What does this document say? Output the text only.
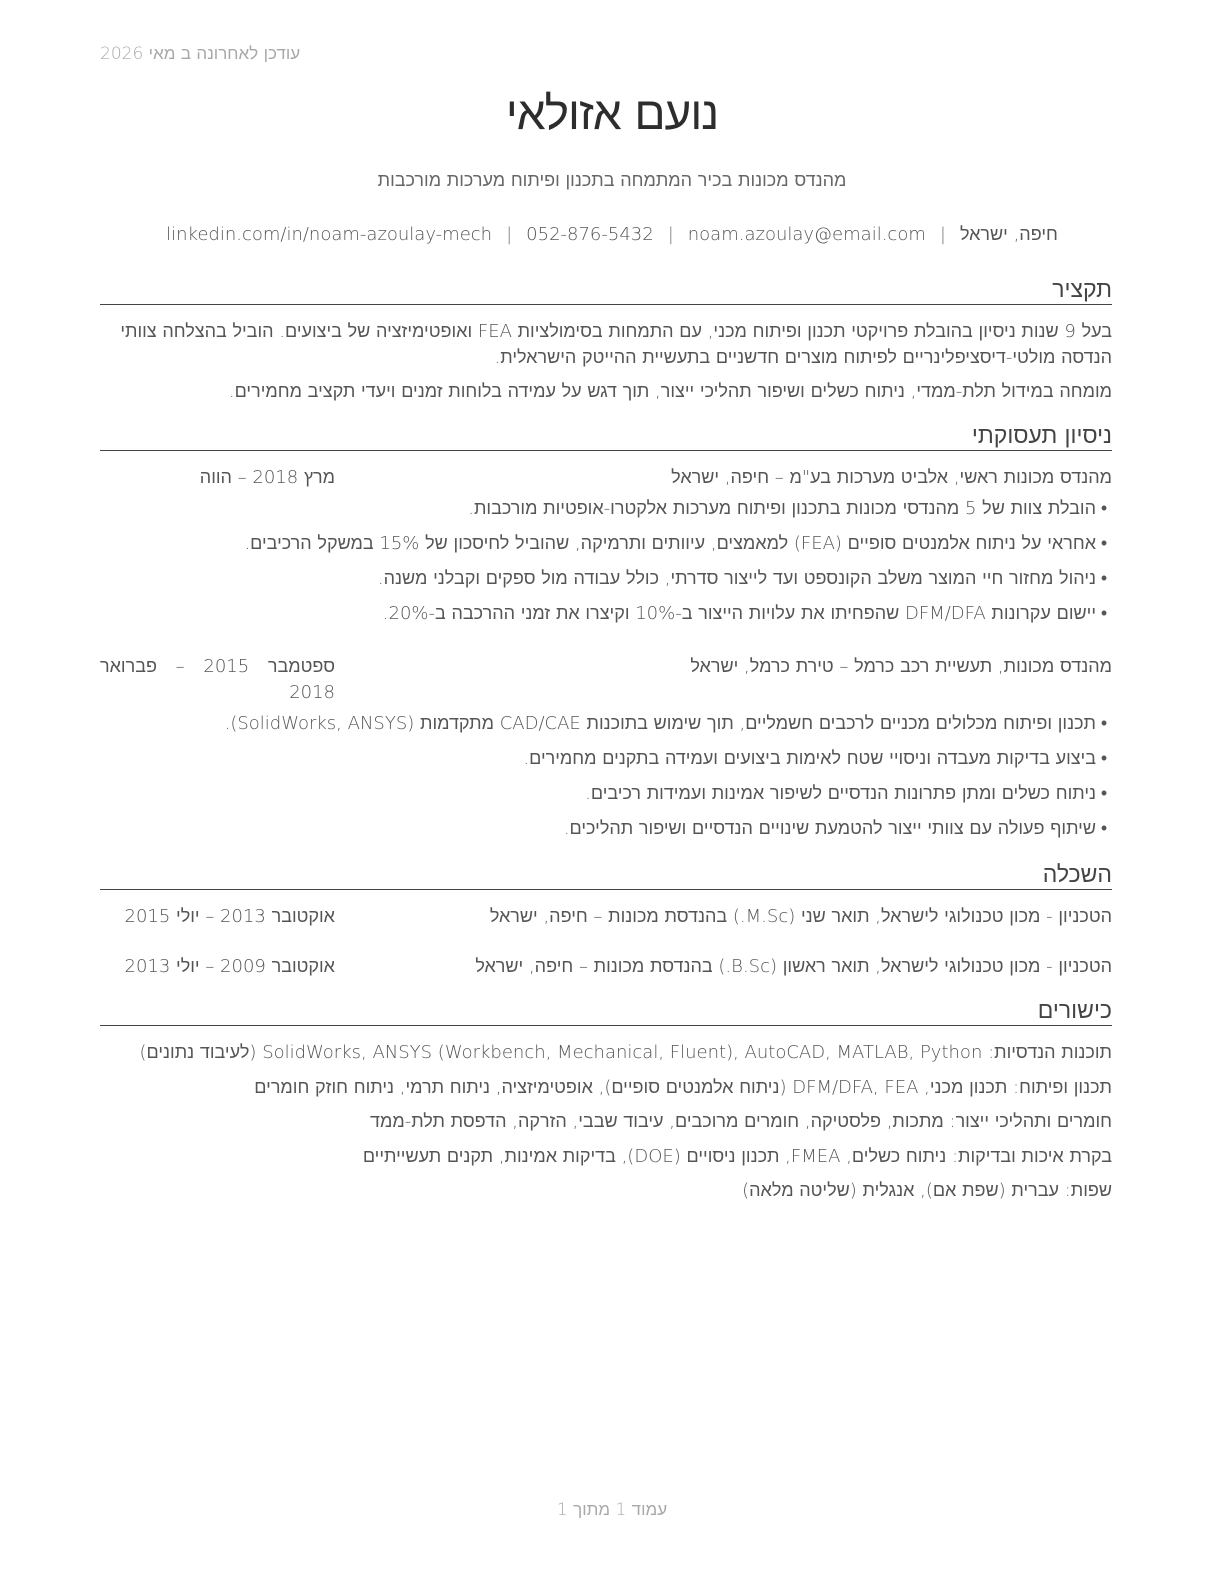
עודכן לאחרונה ב מאי 2026
נועם אזולאי
מהנדס מכונות בכיר המתמחה בתכנון ופיתוח מערכות מורכבות
linkedin.com/in/noam-azoulay-mech | 052-876-5432 | noam.azoulay@email.com | חיפה, ישראל
תקציר
בעל 9 שנות ניסיון בהובלת פרויקטי תכנון ופיתוח מכני, עם התמחות בסימולציות FEA ואופטימיזציה של ביצועים. הוביל בהצלחה צוותי הנדסה מולטי-דיסציפלינריים לפיתוח מוצרים חדשניים בתעשיית ההייטק הישראלית.
מומחה במידול תלת-ממדי, ניתוח כשלים ושיפור תהליכי ייצור, תוך דגש על עמידה בלוחות זמנים ויעדי תקציב מחמירים.
ניסיון תעסוקתי
מהנדס מכונות ראשי, אלביט מערכות בע"מ – חיפה, ישראל
מרץ 2018 – הווה
•הובלת צוות של 5 מהנדסי מכונות בתכנון ופיתוח מערכות אלקטרו-אופטיות מורכבות.
•אחראי על ניתוח אלמנטים סופיים (FEA) למאמצים, עיוותים ותרמיקה, שהוביל לחיסכון של 15% במשקל הרכיבים.
•ניהול מחזור חיי המוצר משלב הקונספט ועד לייצור סדרתי, כולל עבודה מול ספקים וקבלני משנה.
•יישום עקרונות DFM/DFA שהפחיתו את עלויות הייצור ב-10% וקיצרו את זמני ההרכבה ב-20%.
מהנדס מכונות, תעשיית רכב כרמל – טירת כרמל, ישראל
ספטמבר 2015 – פברואר 2018
•תכנון ופיתוח מכלולים מכניים לרכבים חשמליים, תוך שימוש בתוכנות CAD/CAE מתקדמות (SolidWorks, ANSYS).
•ביצוע בדיקות מעבדה וניסויי שטח לאימות ביצועים ועמידה בתקנים מחמירים.
•ניתוח כשלים ומתן פתרונות הנדסיים לשיפור אמינות ועמידות רכיבים.
•שיתוף פעולה עם צוותי ייצור להטמעת שינויים הנדסיים ושיפור תהליכים.
השכלה
הטכניון - מכון טכנולוגי לישראל, תואר שני (M.Sc.) בהנדסת מכונות – חיפה, ישראל
אוקטובר 2013 – יולי 2015
הטכניון - מכון טכנולוגי לישראל, תואר ראשון (B.Sc.) בהנדסת מכונות – חיפה, ישראל
אוקטובר 2009 – יולי 2013
כישורים
תוכנות הנדסיות: SolidWorks, ANSYS (Workbench, Mechanical, Fluent), AutoCAD, MATLAB, Python (לעיבוד נתונים)
תכנון ופיתוח: תכנון מכני, DFM/DFA, FEA (ניתוח אלמנטים סופיים), אופטימיזציה, ניתוח תרמי, ניתוח חוזק חומרים
חומרים ותהליכי ייצור: מתכות, פלסטיקה, חומרים מרוכבים, עיבוד שבבי, הזרקה, הדפסת תלת-ממד
בקרת איכות ובדיקות: ניתוח כשלים, FMEA, תכנון ניסויים (DOE), בדיקות אמינות, תקנים תעשייתיים
שפות: עברית (שפת אם), אנגלית (שליטה מלאה)
עמוד 1 מתוך 1
